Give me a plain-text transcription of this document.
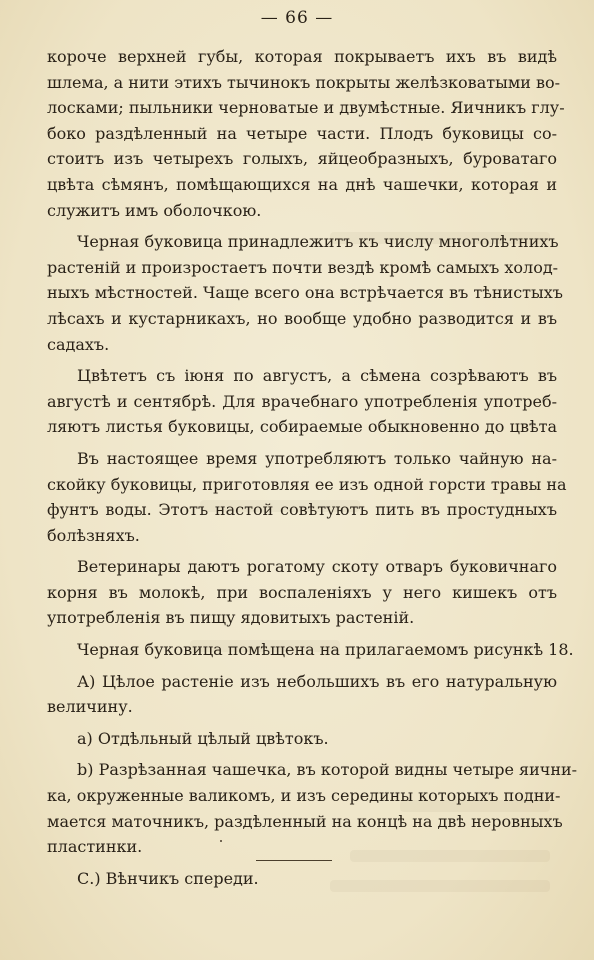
— 66 —

короче верхней губы, которая покрываетъ ихъ въ видѣ
шлема, а нити этихъ тычинокъ покрыты желѣзковатыми во-
лосками; пыльники черноватые и двумѣстные. Яичникъ глу-
боко раздѣленный на четыре части. Плодъ буковицы со-
стоитъ изъ четырехъ голыхъ, яйцеобразныхъ, буроватаго
цвѣта сѣмянъ, помѣщающихся на днѣ чашечки, которая и
служитъ имъ оболочкою.

Черная буковица принадлежитъ къ числу многолѣтнихъ
растеній и произростаетъ почти вездѣ кромѣ самыхъ холод-
ныхъ мѣстностей. Чаще всего она встрѣчается въ тѣнистыхъ
лѣсахъ и кустарникахъ, но вообще удобно разводится и въ
садахъ.

Цвѣтетъ съ іюня по августъ, а сѣмена созрѣваютъ въ
августѣ и сентябрѣ. Для врачебнаго употребленія употреб-
ляютъ листья буковицы, собираемые обыкновенно до цвѣта

Въ настоящее время употребляютъ только чайную на-
скойку буковицы, приготовляя ее изъ одной горсти травы на
фунтъ воды. Этотъ настой совѣтуютъ пить въ простудныхъ
болѣзняхъ.

Ветеринары даютъ рогатому скоту отваръ буковичнаго
корня въ молокѣ, при воспаленіяхъ у него кишекъ отъ
употребленія въ пищу ядовитыхъ растеній.

Черная буковица помѣщена на прилагаемомъ рисункѣ 18.

А) Цѣлое растеніе изъ небольшихъ въ его натуральную
величину.
а) Отдѣльный цѣлый цвѣтокъ.
b) Разрѣзанная чашечка, въ которой видны четыре яични-
ка, окруженные валикомъ, и изъ середины которыхъ подни-
мается маточникъ, раздѣленный на концѣ на двѣ неровныхъ
пластинки.
С.) Вѣнчикъ спереди.
